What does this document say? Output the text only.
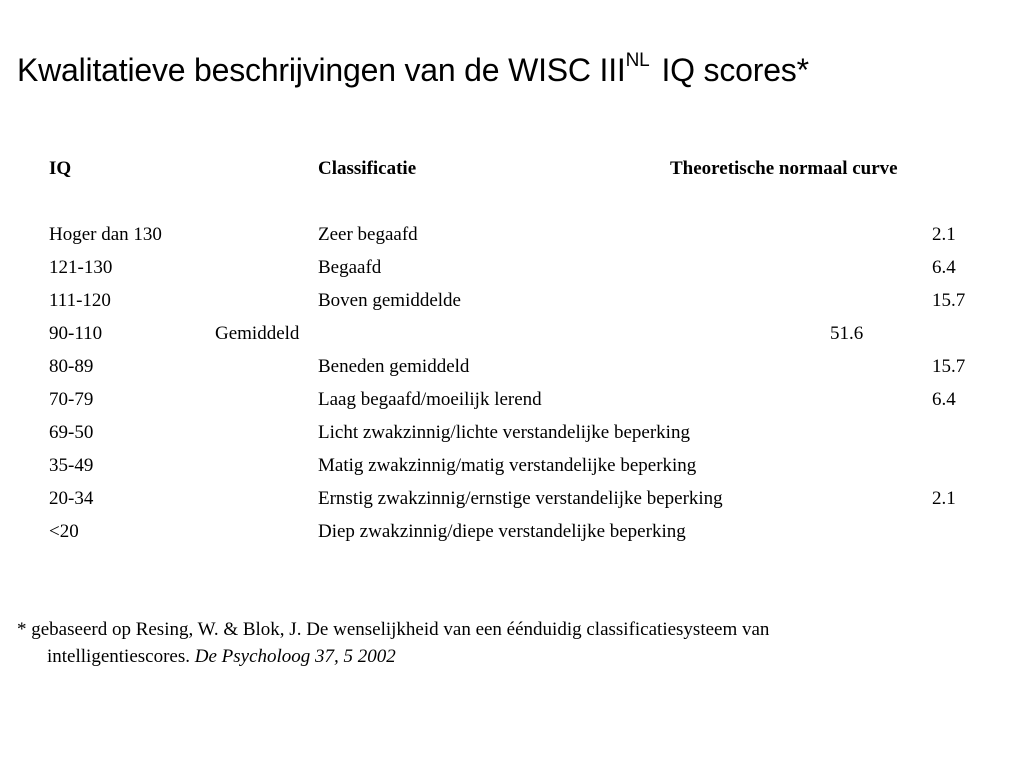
Kwalitatieve beschrijvingen van de WISC $III^{NL}$ IQ scores*
IQ	Classificatie	Theoretische normaal curve
Hoger dan 130	Zeer begaafd	2.1
121-130	Begaafd	6.4
111-120	Boven gemiddelde	15.7
90-110	Gemiddeld	51.6
80-89	Beneden gemiddeld	15.7
70-79	Laag begaafd/moeilijk lerend	6.4
69-50	Licht zwakzinnig/lichte verstandelijke beperking
35-49	Matig zwakzinnig/matig verstandelijke beperking
20-34	Ernstig zwakzinnig/ernstige verstandelijke beperking	2.1
<20	Diep zwakzinnig/diepe verstandelijke beperking
* gebaseerd op Resing, W. & Blok, J. De wenselijkheid van een éénduidig classificatiesysteem van
intelligentiescores. De Psycholoog 37, 5 2002
